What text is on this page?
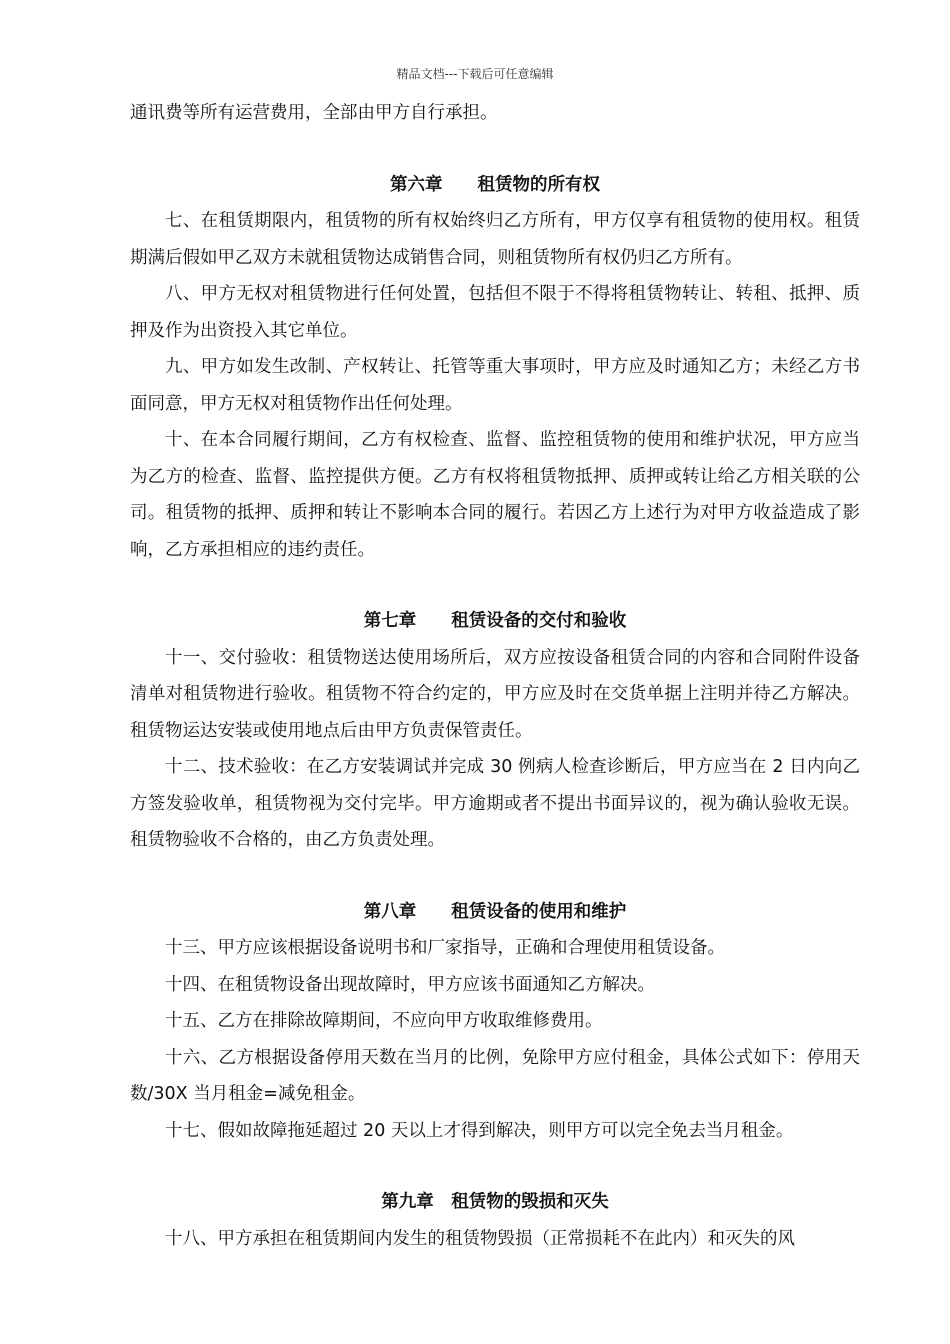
精品文档---下载后可任意编辑

通讯费等所有运营费用，全部由甲方自行承担。

第六章　　租赁物的所有权

七、在租赁期限内，租赁物的所有权始终归乙方所有，甲方仅享有租赁物的使用权。租赁期满后假如甲乙双方未就租赁物达成销售合同，则租赁物所有权仍归乙方所有。

八、甲方无权对租赁物进行任何处置，包括但不限于不得将租赁物转让、转租、抵押、质押及作为出资投入其它单位。

九、甲方如发生改制、产权转让、托管等重大事项时，甲方应及时通知乙方；未经乙方书面同意，甲方无权对租赁物作出任何处理。

十、在本合同履行期间，乙方有权检查、监督、监控租赁物的使用和维护状况，甲方应当为乙方的检查、监督、监控提供方便。乙方有权将租赁物抵押、质押或转让给乙方相关联的公司。租赁物的抵押、质押和转让不影响本合同的履行。若因乙方上述行为对甲方收益造成了影响，乙方承担相应的违约责任。

第七章　　租赁设备的交付和验收

十一、交付验收：租赁物送达使用场所后，双方应按设备租赁合同的内容和合同附件设备清单对租赁物进行验收。租赁物不符合约定的，甲方应及时在交货单据上注明并待乙方解决。租赁物运达安装或使用地点后由甲方负责保管责任。

十二、技术验收：在乙方安装调试并完成 30 例病人检查诊断后，甲方应当在 2 日内向乙方签发验收单，租赁物视为交付完毕。甲方逾期或者不提出书面异议的，视为确认验收无误。租赁物验收不合格的，由乙方负责处理。

第八章　　租赁设备的使用和维护

十三、甲方应该根据设备说明书和厂家指导，正确和合理使用租赁设备。

十四、在租赁物设备出现故障时，甲方应该书面通知乙方解决。

十五、乙方在排除故障期间，不应向甲方收取维修费用。

十六、乙方根据设备停用天数在当月的比例，免除甲方应付租金，具体公式如下：停用天数/30X 当月租金=减免租金。

十七、假如故障拖延超过 20 天以上才得到解决，则甲方可以完全免去当月租金。

第九章　租赁物的毁损和灭失

十八、甲方承担在租赁期间内发生的租赁物毁损（正常损耗不在此内）和灭失的风
